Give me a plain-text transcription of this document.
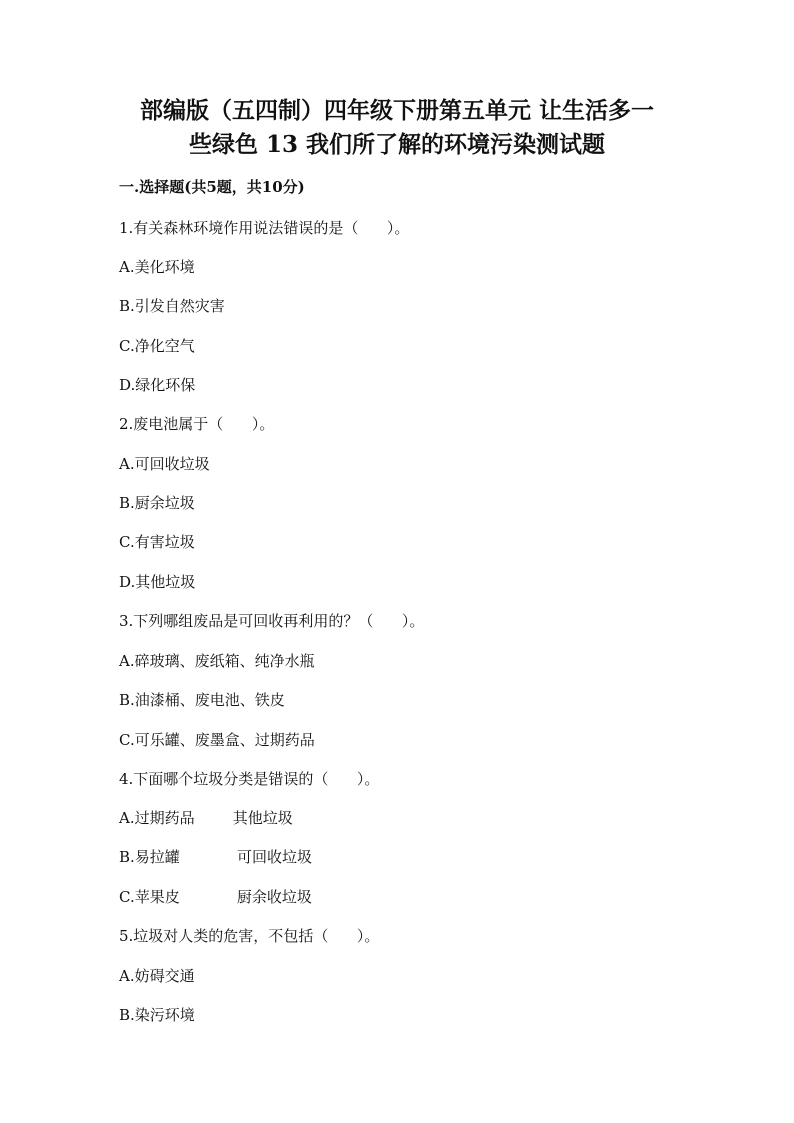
部编版（五四制）四年级下册第五单元 让生活多一
些绿色 13 我们所了解的环境污染测试题
一.选择题(共5题，共10分)
1.有关森林环境作用说法错误的是（      ）。
A.美化环境
B.引发自然灾害
C.净化空气
D.绿化环保
2.废电池属于（      ）。
A.可回收垃圾
B.厨余垃圾
C.有害垃圾
D.其他垃圾
3.下列哪组废品是可回收再利用的？（      ）。
A.碎玻璃、废纸箱、纯净水瓶
B.油漆桶、废电池、铁皮
C.可乐罐、废墨盒、过期药品
4.下面哪个垃圾分类是错误的（      ）。
A.过期药品        其他垃圾
B.易拉罐            可回收垃圾
C.苹果皮            厨余收垃圾
5.垃圾对人类的危害，不包括（      ）。
A.妨碍交通
B.染污环境
